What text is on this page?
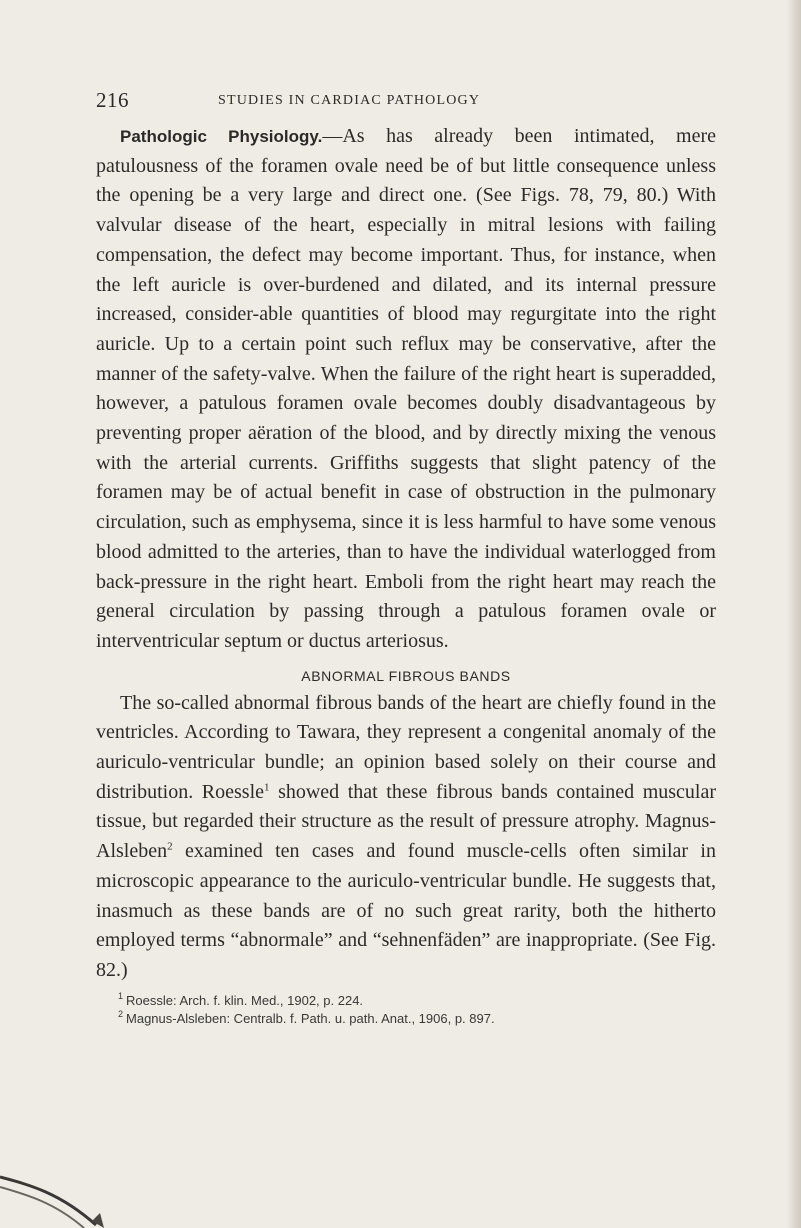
216	STUDIES IN CARDIAC PATHOLOGY

Pathologic Physiology.—As has already been intimated, mere patulousness of the foramen ovale need be of but little consequence unless the opening be a very large and direct one. (See Figs. 78, 79, 80.) With valvular disease of the heart, especially in mitral lesions with failing compensation, the defect may become important. Thus, for instance, when the left auricle is over-burdened and dilated, and its internal pressure increased, consider-able quantities of blood may regurgitate into the right auricle. Up to a certain point such reflux may be conservative, after the manner of the safety-valve. When the failure of the right heart is superadded, however, a patulous foramen ovale becomes doubly disadvantageous by preventing proper aëration of the blood, and by directly mixing the venous with the arterial currents. Griffiths suggests that slight patency of the foramen may be of actual benefit in case of obstruction in the pulmonary circulation, such as emphysema, since it is less harmful to have some venous blood admitted to the arteries, than to have the individual waterlogged from back-pressure in the right heart. Emboli from the right heart may reach the general circulation by passing through a patulous foramen ovale or interventricular septum or ductus arteriosus.

ABNORMAL FIBROUS BANDS

The so-called abnormal fibrous bands of the heart are chiefly found in the ventricles. According to Tawara, they represent a congenital anomaly of the auriculo-ventricular bundle; an opinion based solely on their course and distribution. Roessle$^1$ showed that these fibrous bands contained muscular tissue, but regarded their structure as the result of pressure atrophy. Magnus-Alsleben$^2$ examined ten cases and found muscle-cells often similar in microscopic appearance to the auriculo-ventricular bundle. He suggests that, inasmuch as these bands are of no such great rarity, both the hitherto employed terms “abnormale” and “sehnenfäden” are inappropriate. (See Fig. 82.)

$^1$ Roessle: Arch. f. klin. Med., 1902, p. 224.
$^2$ Magnus-Alsleben: Centralb. f. Path. u. path. Anat., 1906, p. 897.
